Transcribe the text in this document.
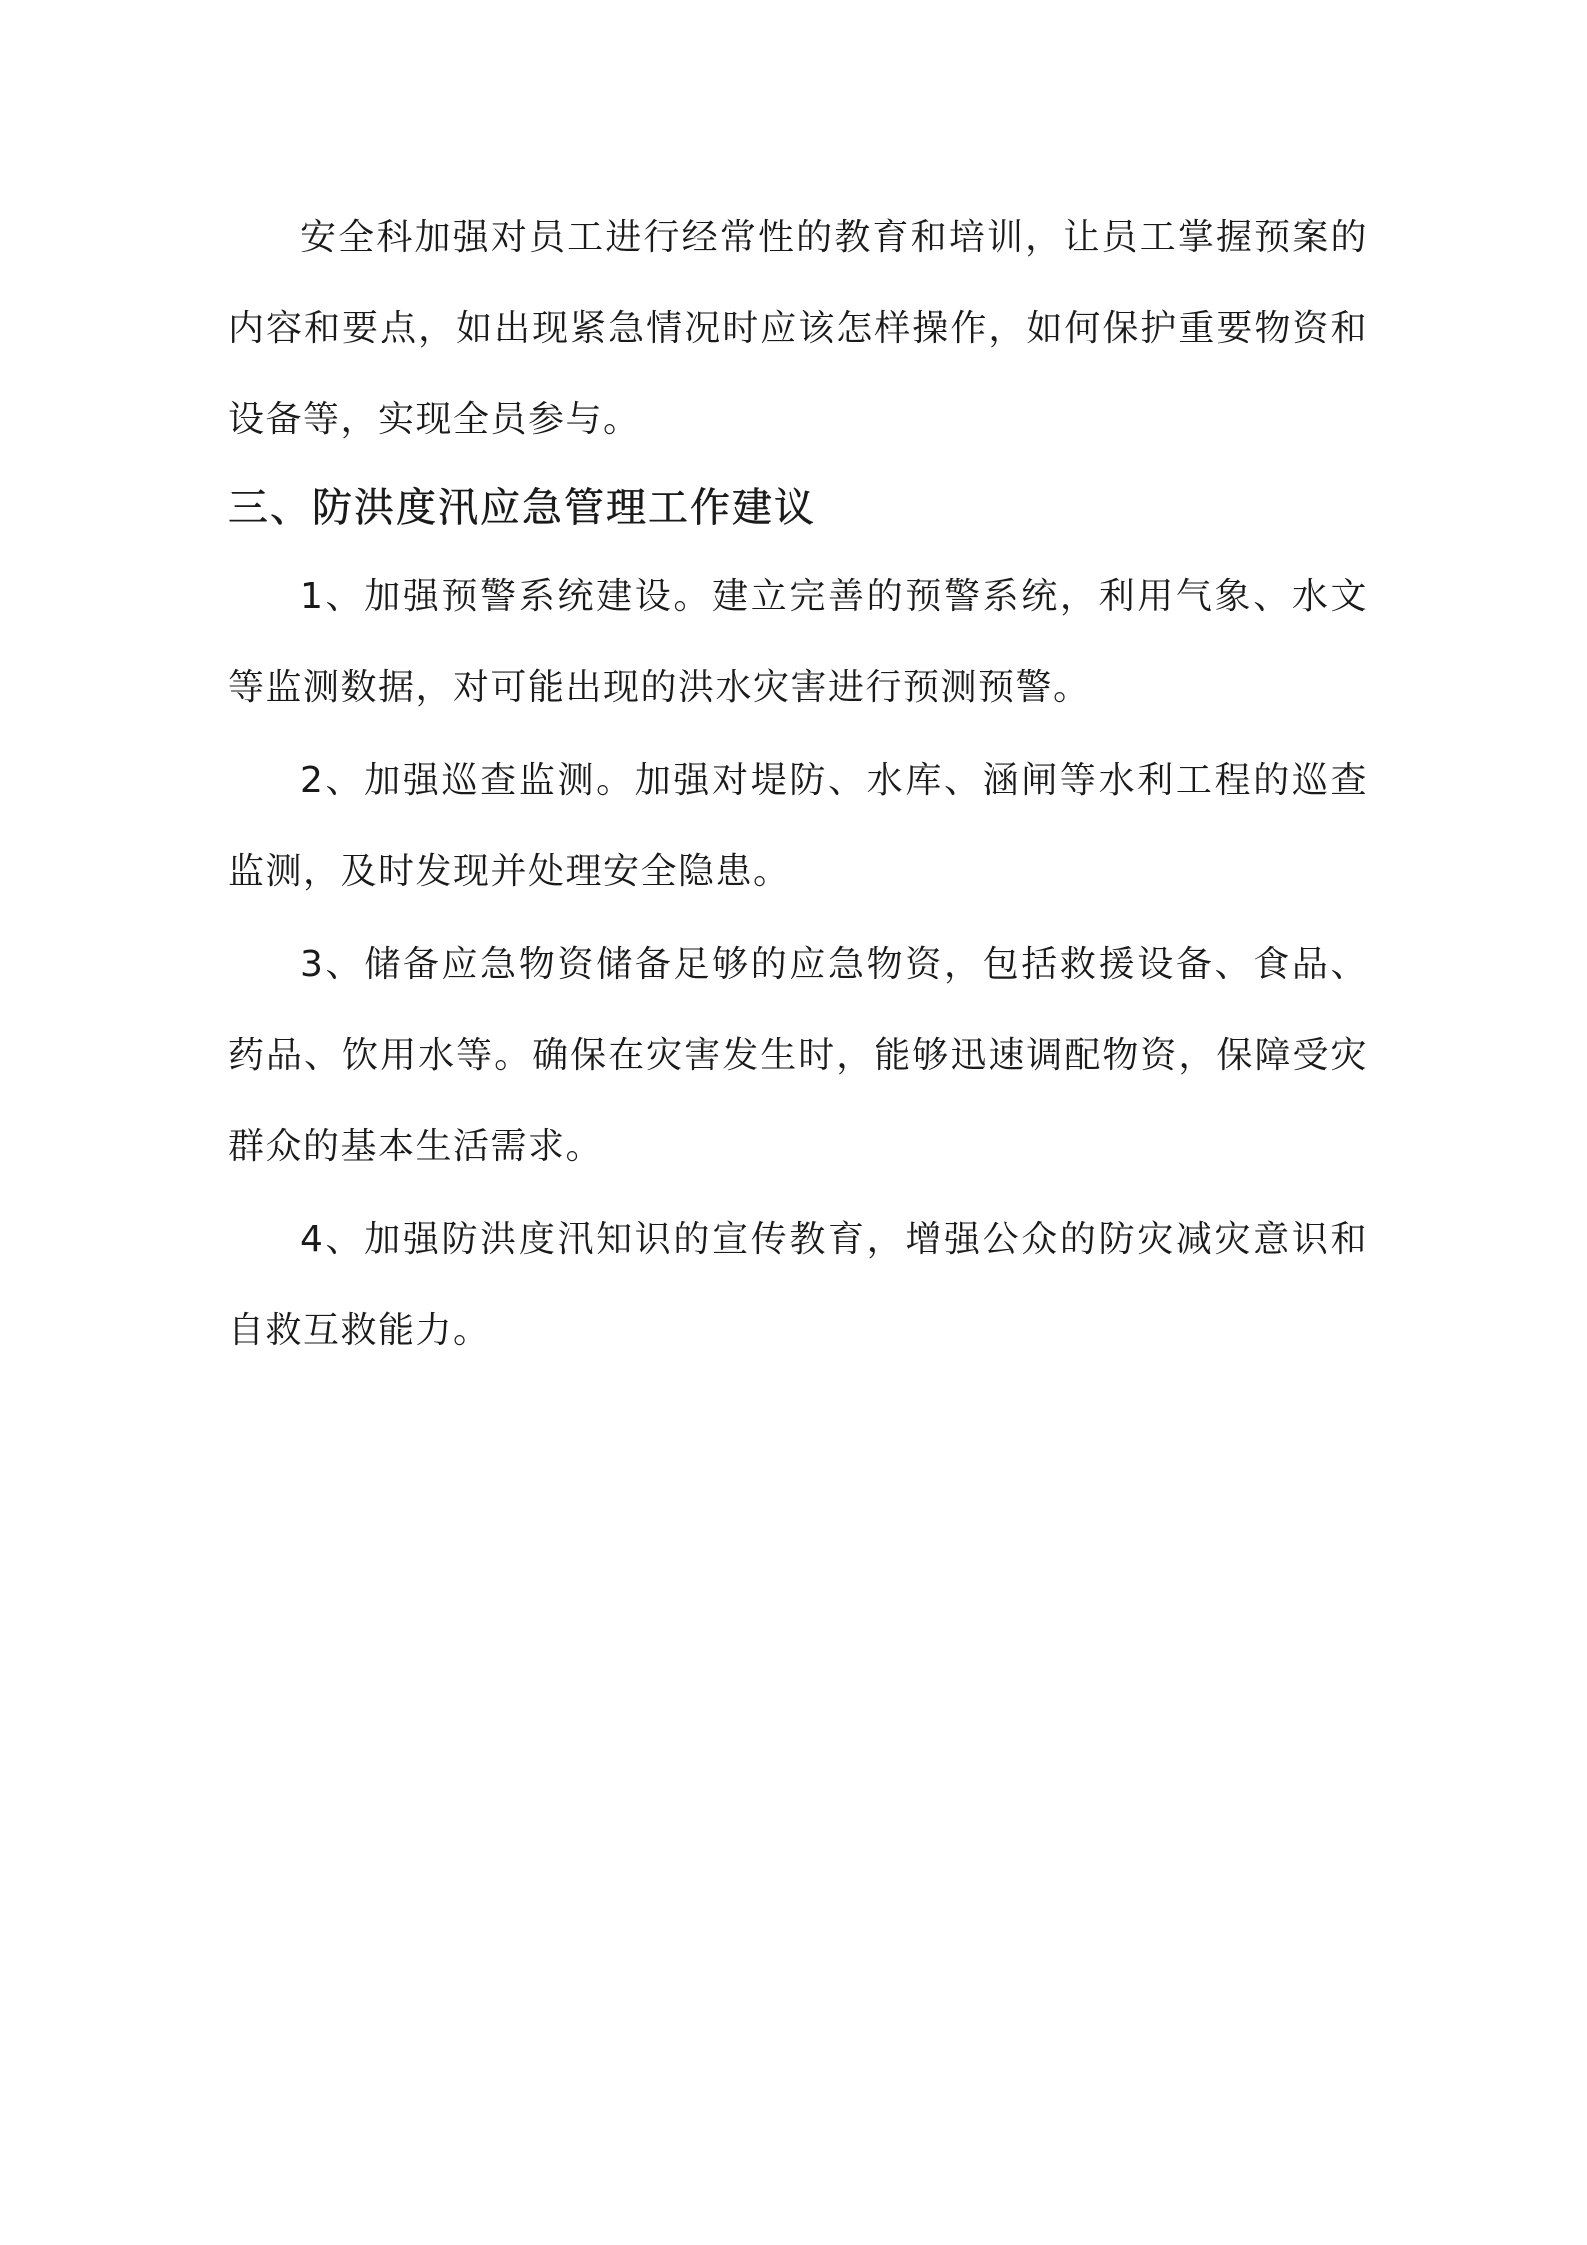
安全科加强对员工进行经常性的教育和培训，让员工掌握预案的内容和要点，如出现紧急情况时应该怎样操作，如何保护重要物资和设备等，实现全员参与。

三、防洪度汛应急管理工作建议

1、加强预警系统建设。建立完善的预警系统，利用气象、水文等监测数据，对可能出现的洪水灾害进行预测预警。

2、加强巡查监测。加强对堤防、水库、涵闸等水利工程的巡查监测，及时发现并处理安全隐患。

3、储备应急物资储备足够的应急物资，包括救援设备、食品、药品、饮用水等。确保在灾害发生时，能够迅速调配物资，保障受灾群众的基本生活需求。

4、加强防洪度汛知识的宣传教育，增强公众的防灾减灾意识和自救互救能力。
